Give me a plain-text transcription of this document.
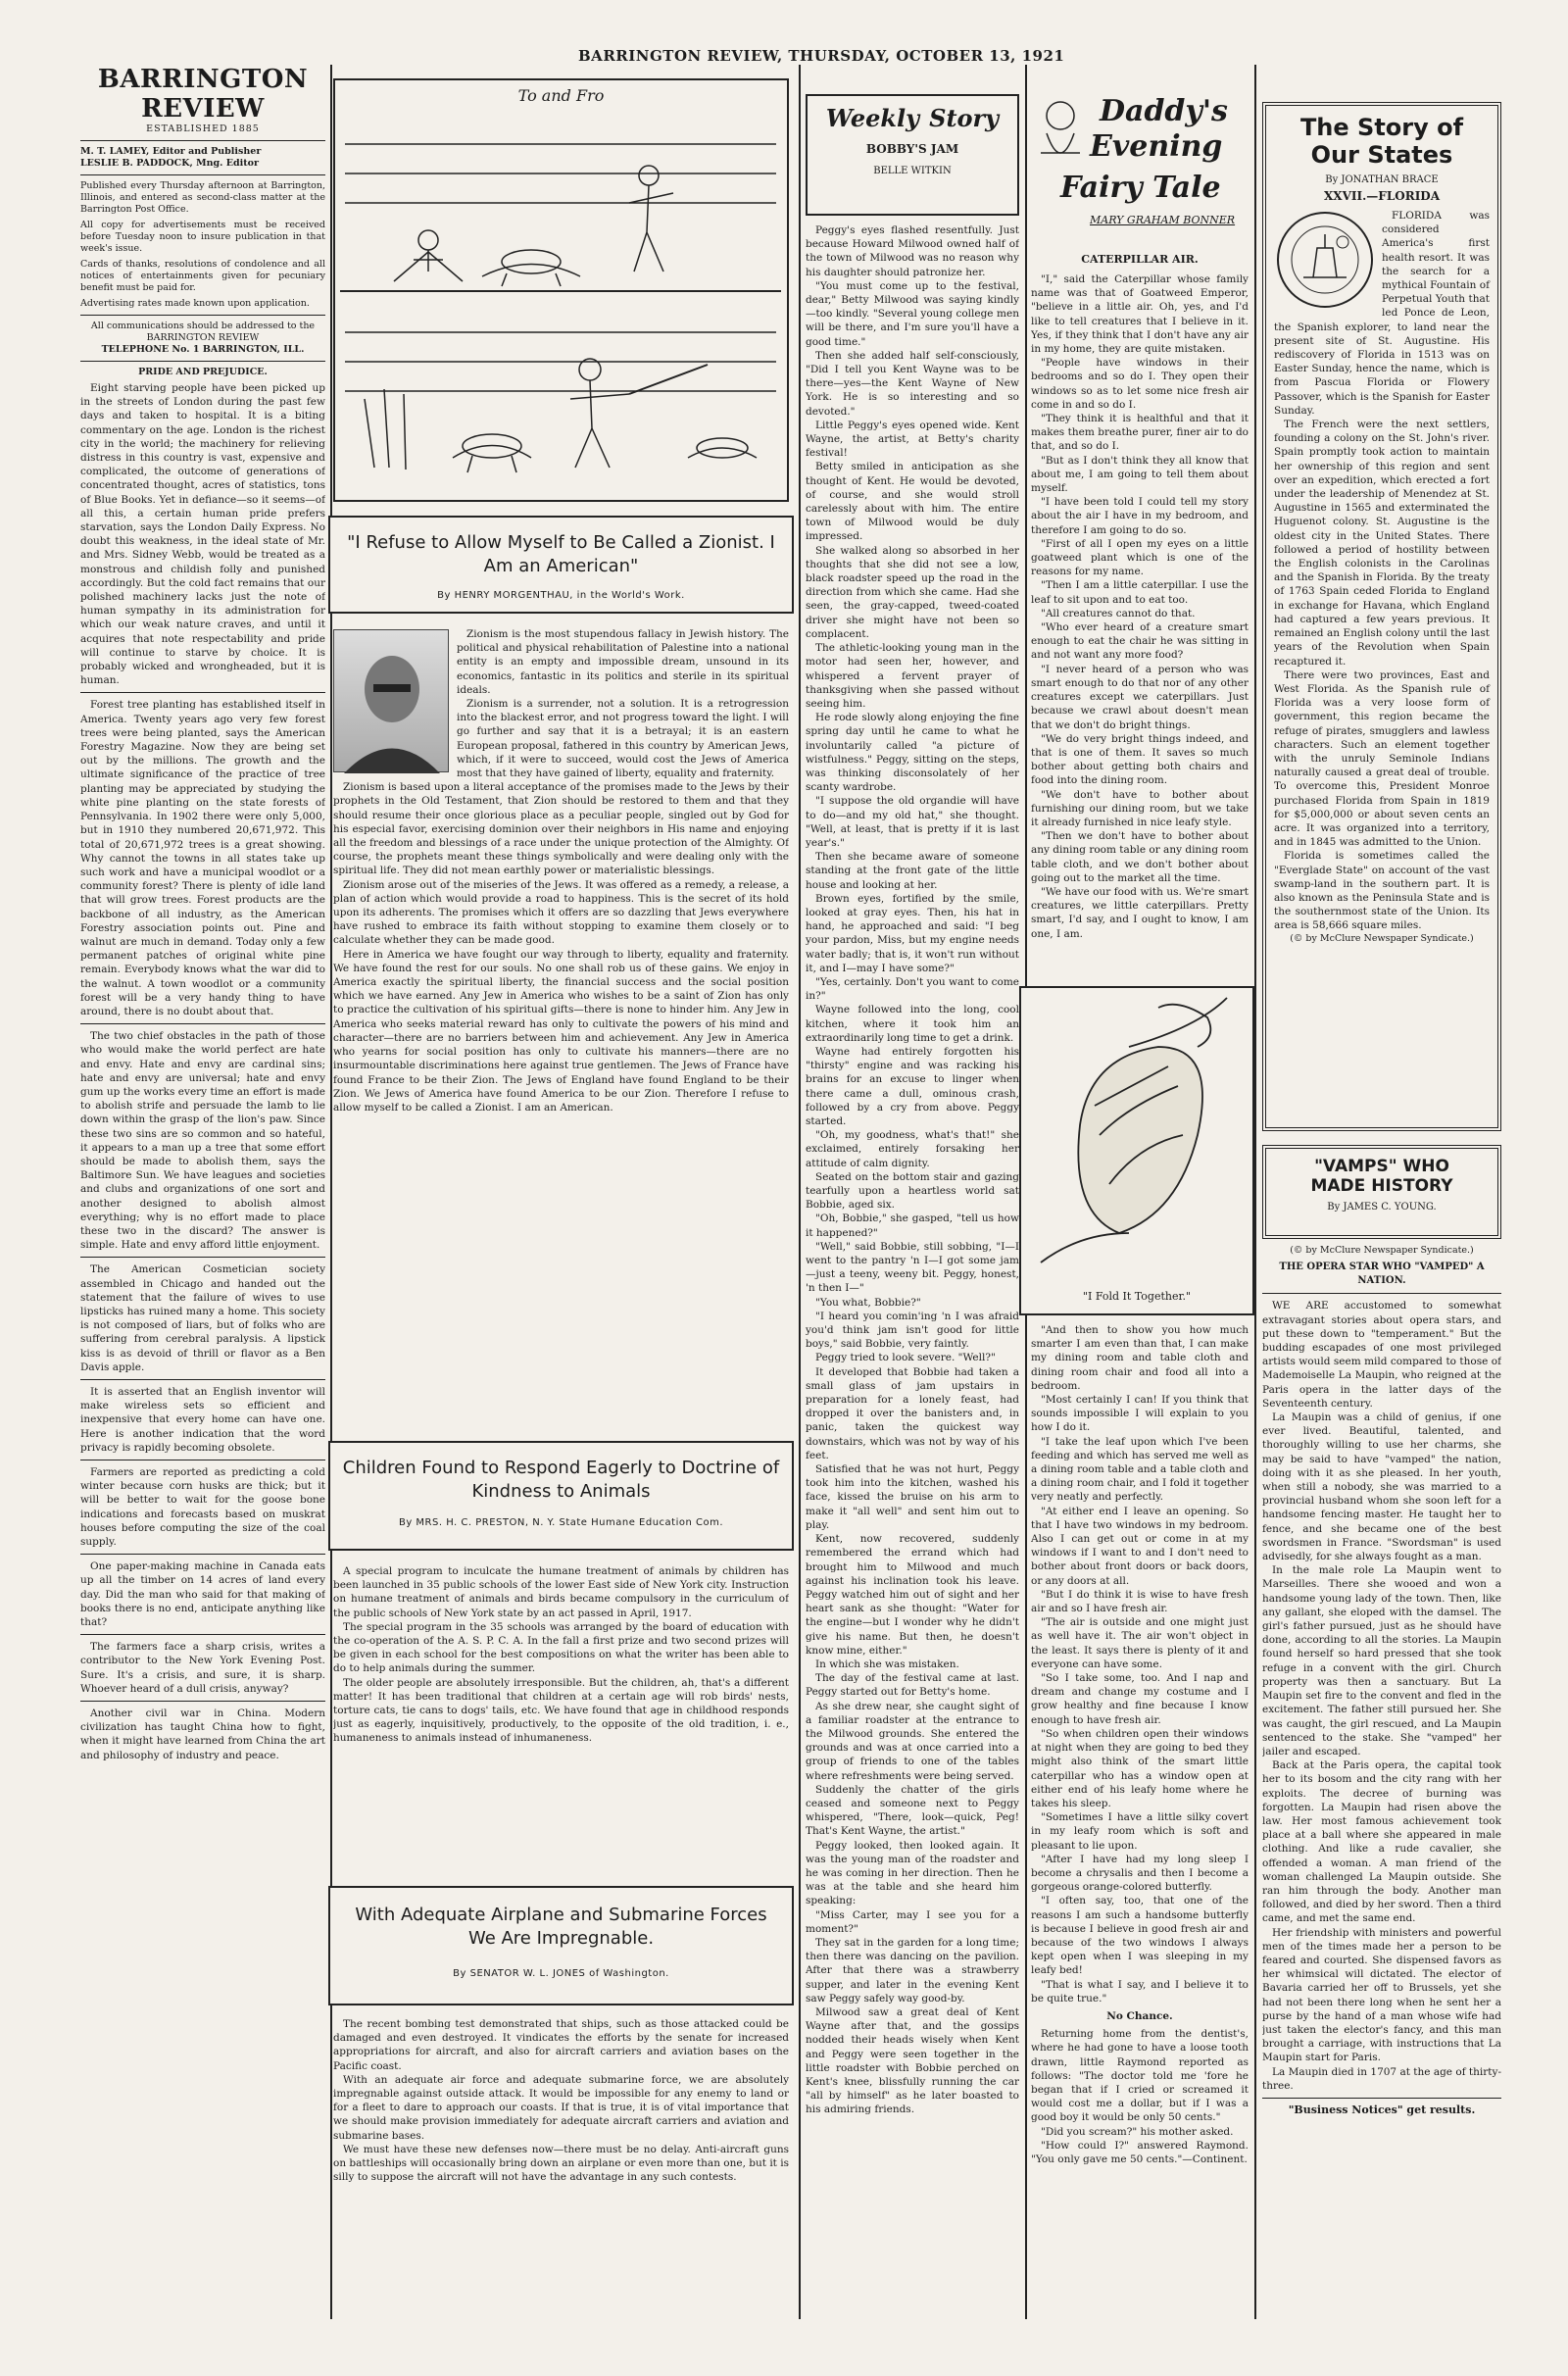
BARRINGTON REVIEW, THURSDAY, OCTOBER 13, 1921
BARRINGTON REVIEW
ESTABLISHED 1885
M. T. LAMEY, Editor and Publisher
LESLIE B. PADDOCK, Mng. Editor
Published every Thursday afternoon at Barrington, Illinois, and entered as second-class matter at the Barrington Post Office.
All copy for advertisements must be received before Tuesday noon to insure publication in that week's issue.
Cards of thanks, resolutions of condolence and all notices of entertainments given for pecuniary benefit must be paid for.
Advertising rates made known upon application.
All communications should be addressed to the BARRINGTON REVIEW
TELEPHONE No. 1 BARRINGTON, ILL.
PRIDE AND PREJUDICE.

Eight starving people have been picked up in the streets of London during the past few days and taken to hospital. It is a biting commentary on the age. London is the richest city in the world; the machinery for relieving distress in this country is vast, expensive and complicated, the outcome of generations of concentrated thought, acres of statistics, tons of Blue Books. Yet in defiance—so it seems—of all this, a certain human pride prefers starvation, says the London Daily Express. No doubt this weakness, in the ideal state of Mr. and Mrs. Sidney Webb, would be treated as a monstrous and childish folly and punished accordingly. But the cold fact remains that our polished machinery lacks just the note of human sympathy in its administration for which our weak nature craves, and until it acquires that note respectability and pride will continue to starve by choice. It is probably wicked and wrongheaded, but it is human.

Forest tree planting has established itself in America. Twenty years ago very few forest trees were being planted, says the American Forestry Magazine. Now they are being set out by the millions. The growth and the ultimate significance of the practice of tree planting may be appreciated by studying the white pine planting on the state forests of Pennsylvania. In 1902 there were only 5,000, but in 1910 they numbered 20,671,972. This total of 20,671,972 trees is a great showing. Why cannot the towns in all states take up such work and have a municipal woodlot or a community forest? There is plenty of idle land that will grow trees. Forest products are the backbone of all industry, as the American Forestry association points out. Pine and walnut are much in demand. Today only a few permanent patches of original white pine remain. Everybody knows what the war did to the walnut. A town woodlot or a community forest will be a very handy thing to have around, there is no doubt about that.

The two chief obstacles in the path of those who would make the world perfect are hate and envy. Hate and envy are cardinal sins; hate and envy are universal; hate and envy gum up the works every time an effort is made to abolish strife and persuade the lamb to lie down within the grasp of the lion's paw. Since these two sins are so common and so hateful, it appears to a man up a tree that some effort should be made to abolish them, says the Baltimore Sun. We have leagues and societies and clubs and organizations of one sort and another designed to abolish almost everything; why is no effort made to place these two in the discard? The answer is simple. Hate and envy afford little enjoyment.

The American Cosmetician society assembled in Chicago and handed out the statement that the failure of wives to use lipsticks has ruined many a home. This society is not composed of liars, but of folks who are suffering from cerebral paralysis. A lipstick kiss is as devoid of thrill or flavor as a Ben Davis apple.

It is asserted that an English inventor will make wireless sets so efficient and inexpensive that every home can have one. Here is another indication that the word privacy is rapidly becoming obsolete.

Farmers are reported as predicting a cold winter because corn husks are thick; but it will be better to wait for the goose bone indications and forecasts based on muskrat houses before computing the size of the coal supply.

One paper-making machine in Canada eats up all the timber on 14 acres of land every day. Did the man who said for that making of books there is no end, anticipate anything like that?

The farmers face a sharp crisis, writes a contributor to the New York Evening Post. Sure. It's a crisis, and sure, it is sharp. Whoever heard of a dull crisis, anyway?

Another civil war in China. Modern civilization has taught China how to fight, when it might have learned from China the art and philosophy of industry and peace.

To and Fro
"I Refuse to Allow Myself to Be Called a Zionist. I Am an American"
By HENRY MORGENTHAU, in the World's Work.

Zionism is the most stupendous fallacy in Jewish history. The political and physical rehabilitation of Palestine into a national entity is an empty and impossible dream, unsound in its economics, fantastic in its politics and sterile in its spiritual ideals.

Zionism is a surrender, not a solution. It is a retrogression into the blackest error, and not progress toward the light. I will go further and say that it is a betrayal; it is an eastern European proposal, fathered in this country by American Jews, which, if it were to succeed, would cost the Jews of America most that they have gained of liberty, equality and fraternity.

Zionism is based upon a literal acceptance of the promises made to the Jews by their prophets in the Old Testament, that Zion should be restored to them and that they should resume their once glorious place as a peculiar people, singled out by God for his especial favor, exercising dominion over their neighbors in His name and enjoying all the freedom and blessings of a race under the unique protection of the Almighty. Of course, the prophets meant these things symbolically and were dealing only with the spiritual life. They did not mean earthly power or materialistic blessings.

Zionism arose out of the miseries of the Jews. It was offered as a remedy, a release, a plan of action which would provide a road to happiness. This is the secret of its hold upon its adherents. The promises which it offers are so dazzling that Jews everywhere have rushed to embrace its faith without stopping to examine them closely or to calculate whether they can be made good.

Here in America we have fought our way through to liberty, equality and fraternity. We have found the rest for our souls. No one shall rob us of these gains. We enjoy in America exactly the spiritual liberty, the financial success and the social position which we have earned. Any Jew in America who wishes to be a saint of Zion has only to practice the cultivation of his spiritual gifts—there is none to hinder him. Any Jew in America who seeks material reward has only to cultivate the powers of his mind and character—there are no barriers between him and achievement. Any Jew in America who yearns for social position has only to cultivate his manners—there are no insurmountable discriminations here against true gentlemen. The Jews of France have found France to be their Zion. The Jews of England have found England to be their Zion. We Jews of America have found America to be our Zion. Therefore I refuse to allow myself to be called a Zionist. I am an American.

Children Found to Respond Eagerly to Doctrine of Kindness to Animals
By MRS. H. C. PRESTON, N. Y. State Humane Education Com.

A special program to inculcate the humane treatment of animals by children has been launched in 35 public schools of the lower East side of New York city. Instruction on humane treatment of animals and birds became compulsory in the curriculum of the public schools of New York state by an act passed in April, 1917.

The special program in the 35 schools was arranged by the board of education with the co-operation of the A. S. P. C. A. In the fall a first prize and two second prizes will be given in each school for the best compositions on what the writer has been able to do to help animals during the summer.

The older people are absolutely irresponsible. But the children, ah, that's a different matter! It has been traditional that children at a certain age will rob birds' nests, torture cats, tie cans to dogs' tails, etc. We have found that age in childhood responds just as eagerly, inquisitively, productively, to the opposite of the old tradition, i. e., humaneness to animals instead of inhumaneness.

With Adequate Airplane and Submarine Forces We Are Impregnable.
By SENATOR W. L. JONES of Washington.

The recent bombing test demonstrated that ships, such as those attacked could be damaged and even destroyed. It vindicates the efforts by the senate for increased appropriations for aircraft, and also for aircraft carriers and aviation bases on the Pacific coast.

With an adequate air force and adequate submarine force, we are absolutely impregnable against outside attack. It would be impossible for any enemy to land or for a fleet to dare to approach our coasts. If that is true, it is of vital importance that we should make provision immediately for adequate aircraft carriers and aviation and submarine bases.

We must have these new defenses now—there must be no delay. Anti-aircraft guns on battleships will occasionally bring down an airplane or even more than one, but it is silly to suppose the aircraft will not have the advantage in any such contests.

Weekly Story
BOBBY'S JAM
BELLE WITKIN

Peggy's eyes flashed resentfully. Just because Howard Milwood owned half of the town of Milwood was no reason why his daughter should patronize her.

"You must come up to the festival, dear," Betty Milwood was saying kindly—too kindly. "Several young college men will be there, and I'm sure you'll have a good time."

Then she added half self-consciously, "Did I tell you Kent Wayne was to be there—yes—the Kent Wayne of New York. He is so interesting and so devoted."

Little Peggy's eyes opened wide. Kent Wayne, the artist, at Betty's charity festival!

Betty smiled in anticipation as she thought of Kent. He would be devoted, of course, and she would stroll carelessly about with him. The entire town of Milwood would be duly impressed.

She walked along so absorbed in her thoughts that she did not see a low, black roadster speed up the road in the direction from which she came. Had she seen, the gray-capped, tweed-coated driver she might have not been so complacent.

The athletic-looking young man in the motor had seen her, however, and whispered a fervent prayer of thanksgiving when she passed without seeing him.

He rode slowly along enjoying the fine spring day until he came to what he involuntarily called "a picture of wistfulness." Peggy, sitting on the steps, was thinking disconsolately of her scanty wardrobe.

"I suppose the old organdie will have to do—and my old hat," she thought. "Well, at least, that is pretty if it is last year's."

Then she became aware of someone standing at the front gate of the little house and looking at her.

Brown eyes, fortified by the smile, looked at gray eyes. Then, his hat in hand, he approached and said: "I beg your pardon, Miss, but my engine needs water badly; that is, it won't run without it, and I—may I have some?"

"Yes, certainly. Don't you want to come in?"

Wayne followed into the long, cool kitchen, where it took him an extraordinarily long time to get a drink.

Wayne had entirely forgotten his "thirsty" engine and was racking his brains for an excuse to linger when there came a dull, ominous crash, followed by a cry from above. Peggy started.

"Oh, my goodness, what's that!" she exclaimed, entirely forsaking her attitude of calm dignity.

Seated on the bottom stair and gazing tearfully upon a heartless world sat Bobbie, aged six.

"Oh, Bobbie," she gasped, "tell us how it happened?"

"Well," said Bobbie, still sobbing, "I—I went to the pantry 'n I—I got some jam—just a teeny, weeny bit. Peggy, honest, 'n then I—"

"You what, Bobbie?"

"I heard you comin'ing 'n I was afraid you'd think jam isn't good for little boys," said Bobbie, very faintly.

Peggy tried to look severe. "Well?"

It developed that Bobbie had taken a small glass of jam upstairs in preparation for a lonely feast, had dropped it over the banisters and, in panic, taken the quickest way downstairs, which was not by way of his feet.

Satisfied that he was not hurt, Peggy took him into the kitchen, washed his face, kissed the bruise on his arm to make it "all well" and sent him out to play.

Kent, now recovered, suddenly remembered the errand which had brought him to Milwood and much against his inclination took his leave. Peggy watched him out of sight and her heart sank as she thought: "Water for the engine—but I wonder why he didn't give his name. But then, he doesn't know mine, either."

In which she was mistaken.

The day of the festival came at last. Peggy started out for Betty's home.

As she drew near, she caught sight of a familiar roadster at the entrance to the Milwood grounds. She entered the grounds and was at once carried into a group of friends to one of the tables where refreshments were being served.

Suddenly the chatter of the girls ceased and someone next to Peggy whispered, "There, look—quick, Peg! That's Kent Wayne, the artist."

Peggy looked, then looked again. It was the young man of the roadster and he was coming in her direction. Then he was at the table and she heard him speaking:

"Miss Carter, may I see you for a moment?"

They sat in the garden for a long time; then there was dancing on the pavilion. After that there was a strawberry supper, and later in the evening Kent saw Peggy safely way good-by.

Milwood saw a great deal of Kent Wayne after that, and the gossips nodded their heads wisely when Kent and Peggy were seen together in the little roadster with Bobbie perched on Kent's knee, blissfully running the car "all by himself" as he later boasted to his admiring friends.

Daddy's
Evening
Fairy Tale
MARY GRAHAM BONNER
CATERPILLAR AIR.

"I," said the Caterpillar whose family name was that of Goatweed Emperor, "believe in a little air. Oh, yes, and I'd like to tell creatures that I believe in it. Yes, if they think that I don't have any air in my home, they are quite mistaken.

"People have windows in their bedrooms and so do I. They open their windows so as to let some nice fresh air come in and so do I.

"They think it is healthful and that it makes them breathe purer, finer air to do that, and so do I.

"But as I don't think they all know that about me, I am going to tell them about myself.

"I have been told I could tell my story about the air I have in my bedroom, and therefore I am going to do so.

"First of all I open my eyes on a little goatweed plant which is one of the reasons for my name.

"Then I am a little caterpillar. I use the leaf to sit upon and to eat too.

"All creatures cannot do that.

"Who ever heard of a creature smart enough to eat the chair he was sitting in and not want any more food?

"I never heard of a person who was smart enough to do that nor of any other creatures except we caterpillars. Just because we crawl about doesn't mean that we don't do bright things.

"We do very bright things indeed, and that is one of them. It saves so much bother about getting both chairs and food into the dining room.

"We don't have to bother about furnishing our dining room, but we take it already furnished in nice leafy style.

"Then we don't have to bother about any dining room table or any dining room table cloth, and we don't bother about going out to the market all the time.

"We have our food with us. We're smart creatures, we little caterpillars. Pretty smart, I'd say, and I ought to know, I am one, I am.

"I Fold It Together."

"And then to show you how much smarter I am even than that, I can make my dining room and table cloth and dining room chair and food all into a bedroom.

"Most certainly I can! If you think that sounds impossible I will explain to you how I do it.

"I take the leaf upon which I've been feeding and which has served me well as a dining room table and a table cloth and a dining room chair, and I fold it together very neatly and perfectly.

"At either end I leave an opening. So that I have two windows in my bedroom. Also I can get out or come in at my windows if I want to and I don't need to bother about front doors or back doors, or any doors at all.

"But I do think it is wise to have fresh air and so I have fresh air.

"The air is outside and one might just as well have it. The air won't object in the least. It says there is plenty of it and everyone can have some.

"So I take some, too. And I nap and dream and change my costume and I grow healthy and fine because I know enough to have fresh air.

"So when children open their windows at night when they are going to bed they might also think of the smart little caterpillar who has a window open at either end of his leafy home where he takes his sleep.

"Sometimes I have a little silky covert in my leafy room which is soft and pleasant to lie upon.

"After I have had my long sleep I become a chrysalis and then I become a gorgeous orange-colored butterfly.

"I often say, too, that one of the reasons I am such a handsome butterfly is because I believe in good fresh air and because of the two windows I always kept open when I was sleeping in my leafy bed!

"That is what I say, and I believe it to be quite true."

No Chance.

Returning home from the dentist's, where he had gone to have a loose tooth drawn, little Raymond reported as follows: "The doctor told me 'fore he began that if I cried or screamed it would cost me a dollar, but if I was a good boy it would be only 50 cents."

"Did you scream?" his mother asked.

"How could I?" answered Raymond. "You only gave me 50 cents."—Continent.

The Story of Our States
By JONATHAN BRACE
XXVII.—FLORIDA

FLORIDA was considered America's first health resort. It was the search for a mythical Fountain of Perpetual Youth that led Ponce de Leon, the Spanish explorer, to land near the present site of St. Augustine. His rediscovery of Florida in 1513 was on Easter Sunday, hence the name, which is from Pascua Florida or Flowery Passover, which is the Spanish for Easter Sunday.

The French were the next settlers, founding a colony on the St. John's river. Spain promptly took action to maintain her ownership of this region and sent over an expedition, which erected a fort under the leadership of Menendez at St. Augustine in 1565 and exterminated the Huguenot colony. St. Augustine is the oldest city in the United States. There followed a period of hostility between the English colonists in the Carolinas and the Spanish in Florida. By the treaty of 1763 Spain ceded Florida to England in exchange for Havana, which England had captured a few years previous. It remained an English colony until the last years of the Revolution when Spain recaptured it.

There were two provinces, East and West Florida. As the Spanish rule of Florida was a very loose form of government, this region became the refuge of pirates, smugglers and lawless characters. Such an element together with the unruly Seminole Indians naturally caused a great deal of trouble. To overcome this, President Monroe purchased Florida from Spain in 1819 for $5,000,000 or about seven cents an acre. It was organized into a territory, and in 1845 was admitted to the Union.

Florida is sometimes called the "Everglade State" on account of the vast swamp-land in the southern part. It is also known as the Peninsula State and is the southernmost state of the Union. Its area is 58,666 square miles.

(© by McClure Newspaper Syndicate.)
"VAMPS" WHO
MADE HISTORY
By JAMES C. YOUNG.
(© by McClure Newspaper Syndicate.)
THE OPERA STAR WHO "VAMPED" A NATION.

WE ARE accustomed to somewhat extravagant stories about opera stars, and put these down to "temperament." But the budding escapades of one most privileged artists would seem mild compared to those of Mademoiselle La Maupin, who reigned at the Paris opera in the latter days of the Seventeenth century.

La Maupin was a child of genius, if one ever lived. Beautiful, talented, and thoroughly willing to use her charms, she may be said to have "vamped" the nation, doing with it as she pleased. In her youth, when still a nobody, she was married to a provincial husband whom she soon left for a handsome fencing master. He taught her to fence, and she became one of the best swordsmen in France. "Swordsman" is used advisedly, for she always fought as a man.

In the male role La Maupin went to Marseilles. There she wooed and won a handsome young lady of the town. Then, like any gallant, she eloped with the damsel. The girl's father pursued, just as he should have done, according to all the stories. La Maupin found herself so hard pressed that she took refuge in a convent with the girl. Church property was then a sanctuary. But La Maupin set fire to the convent and fled in the excitement. The father still pursued her. She was caught, the girl rescued, and La Maupin sentenced to the stake. She "vamped" her jailer and escaped.

Back at the Paris opera, the capital took her to its bosom and the city rang with her exploits. The decree of burning was forgotten. La Maupin had risen above the law. Her most famous achievement took place at a ball where she appeared in male clothing. And like a rude cavalier, she offended a woman. A man friend of the woman challenged La Maupin outside. She ran him through the body. Another man followed, and died by her sword. Then a third came, and met the same end.

Her friendship with ministers and powerful men of the times made her a person to be feared and courted. She dispensed favors as her whimsical will dictated. The elector of Bavaria carried her off to Brussels, yet she had not been there long when he sent her a purse by the hand of a man whose wife had just taken the elector's fancy, and this man brought a carriage, with instructions that La Maupin start for Paris.

La Maupin died in 1707 at the age of thirty-three.

"Business Notices" get results.
